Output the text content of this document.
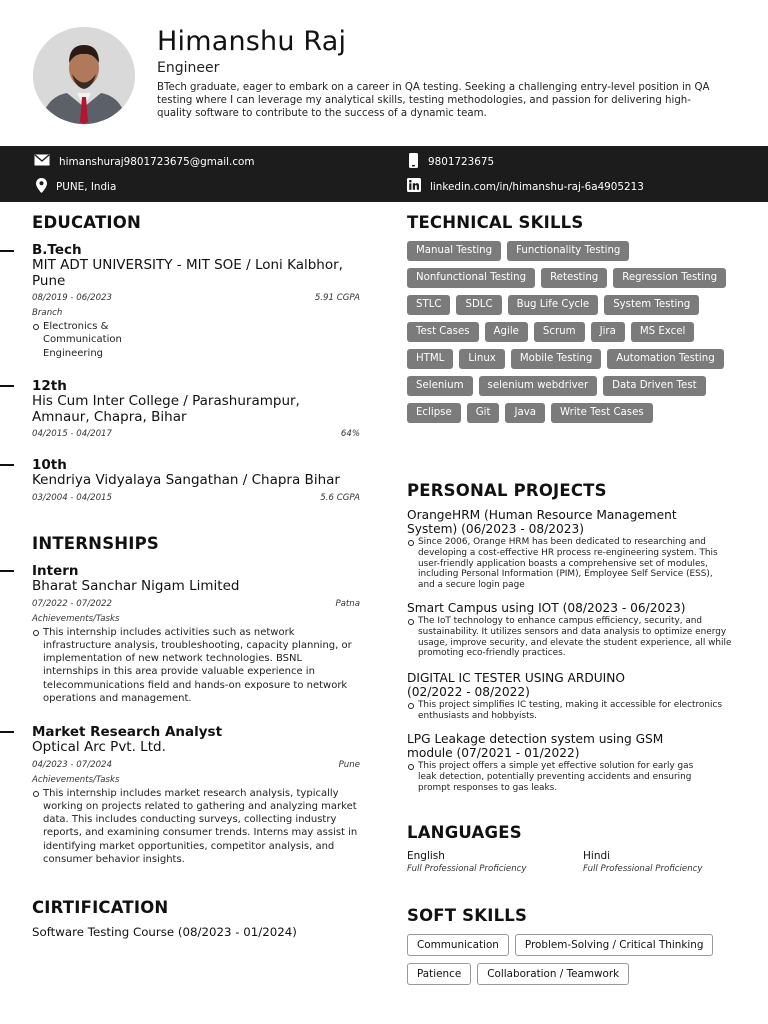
Himanshu Raj
Engineer
BTech graduate, eager to embark on a career in QA testing. Seeking a challenging entry-level position in QA testing where I can leverage my analytical skills, testing methodologies, and passion for delivering high-quality software to contribute to the success of a dynamic team.
himanshuraj9801723675@gmail.com	9801723675
PUNE, India	linkedin.com/in/himanshu-raj-6a4905213
EDUCATION
B.Tech
MIT ADT UNIVERSITY - MIT SOE / Loni Kalbhor, Pune
08/2019 - 06/2023	5.91 CGPA
Branch
Electronics & Communication Engineering
12th
His Cum Inter College / Parashurampur, Amnaur, Chapra, Bihar
04/2015 - 04/2017	64%
10th
Kendriya Vidyalaya Sangathan / Chapra Bihar
03/2004 - 04/2015	5.6 CGPA
INTERNSHIPS
Intern
Bharat Sanchar Nigam Limited
07/2022 - 07/2022	Patna
Achievements/Tasks
This internship includes activities such as network infrastructure analysis, troubleshooting, capacity planning, or implementation of new network technologies. BSNL internships in this area provide valuable experience in telecommunications field and hands-on exposure to network operations and management.
Market Research Analyst
Optical Arc Pvt. Ltd.
04/2023 - 07/2024	Pune
Achievements/Tasks
This internship includes market research analysis, typically working on projects related to gathering and analyzing market data. This includes conducting surveys, collecting industry reports, and examining consumer trends. Interns may assist in identifying market opportunities, competitor analysis, and consumer behavior insights.
CIRTIFICATION
Software Testing Course (08/2023 - 01/2024)
TECHNICAL SKILLS
Manual Testing	Functionality Testing
Nonfunctional Testing	Retesting	Regression Testing
STLC	SDLC	Bug Life Cycle	System Testing
Test Cases	Agile	Scrum	Jira	MS Excel
HTML	Linux	Mobile Testing	Automation Testing
Selenium	selenium webdriver	Data Driven Test
Eclipse	Git	Java	Write Test Cases
PERSONAL PROJECTS
OrangeHRM (Human Resource Management System) (06/2023 - 08/2023)
Since 2006, Orange HRM has been dedicated to researching and developing a cost-effective HR process re-engineering system. This user-friendly application boasts a comprehensive set of modules, including Personal Information (PIM), Employee Self Service (ESS), and a secure login page
Smart Campus using IOT (08/2023 - 06/2023)
The IoT technology to enhance campus efficiency, security, and sustainability. It utilizes sensors and data analysis to optimize energy usage, improve security, and elevate the student experience, all while promoting eco-friendly practices.
DIGITAL IC TESTER USING ARDUINO (02/2022 - 08/2022)
This project simplifies IC testing, making it accessible for electronics enthusiasts and hobbyists.
LPG Leakage detection system using GSM module (07/2021 - 01/2022)
This project offers a simple yet effective solution for early gas leak detection, potentially preventing accidents and ensuring prompt responses to gas leaks.
LANGUAGES
English
Full Professional Proficiency
Hindi
Full Professional Proficiency
SOFT SKILLS
Communication	Problem-Solving / Critical Thinking
Patience	Collaboration / Teamwork
